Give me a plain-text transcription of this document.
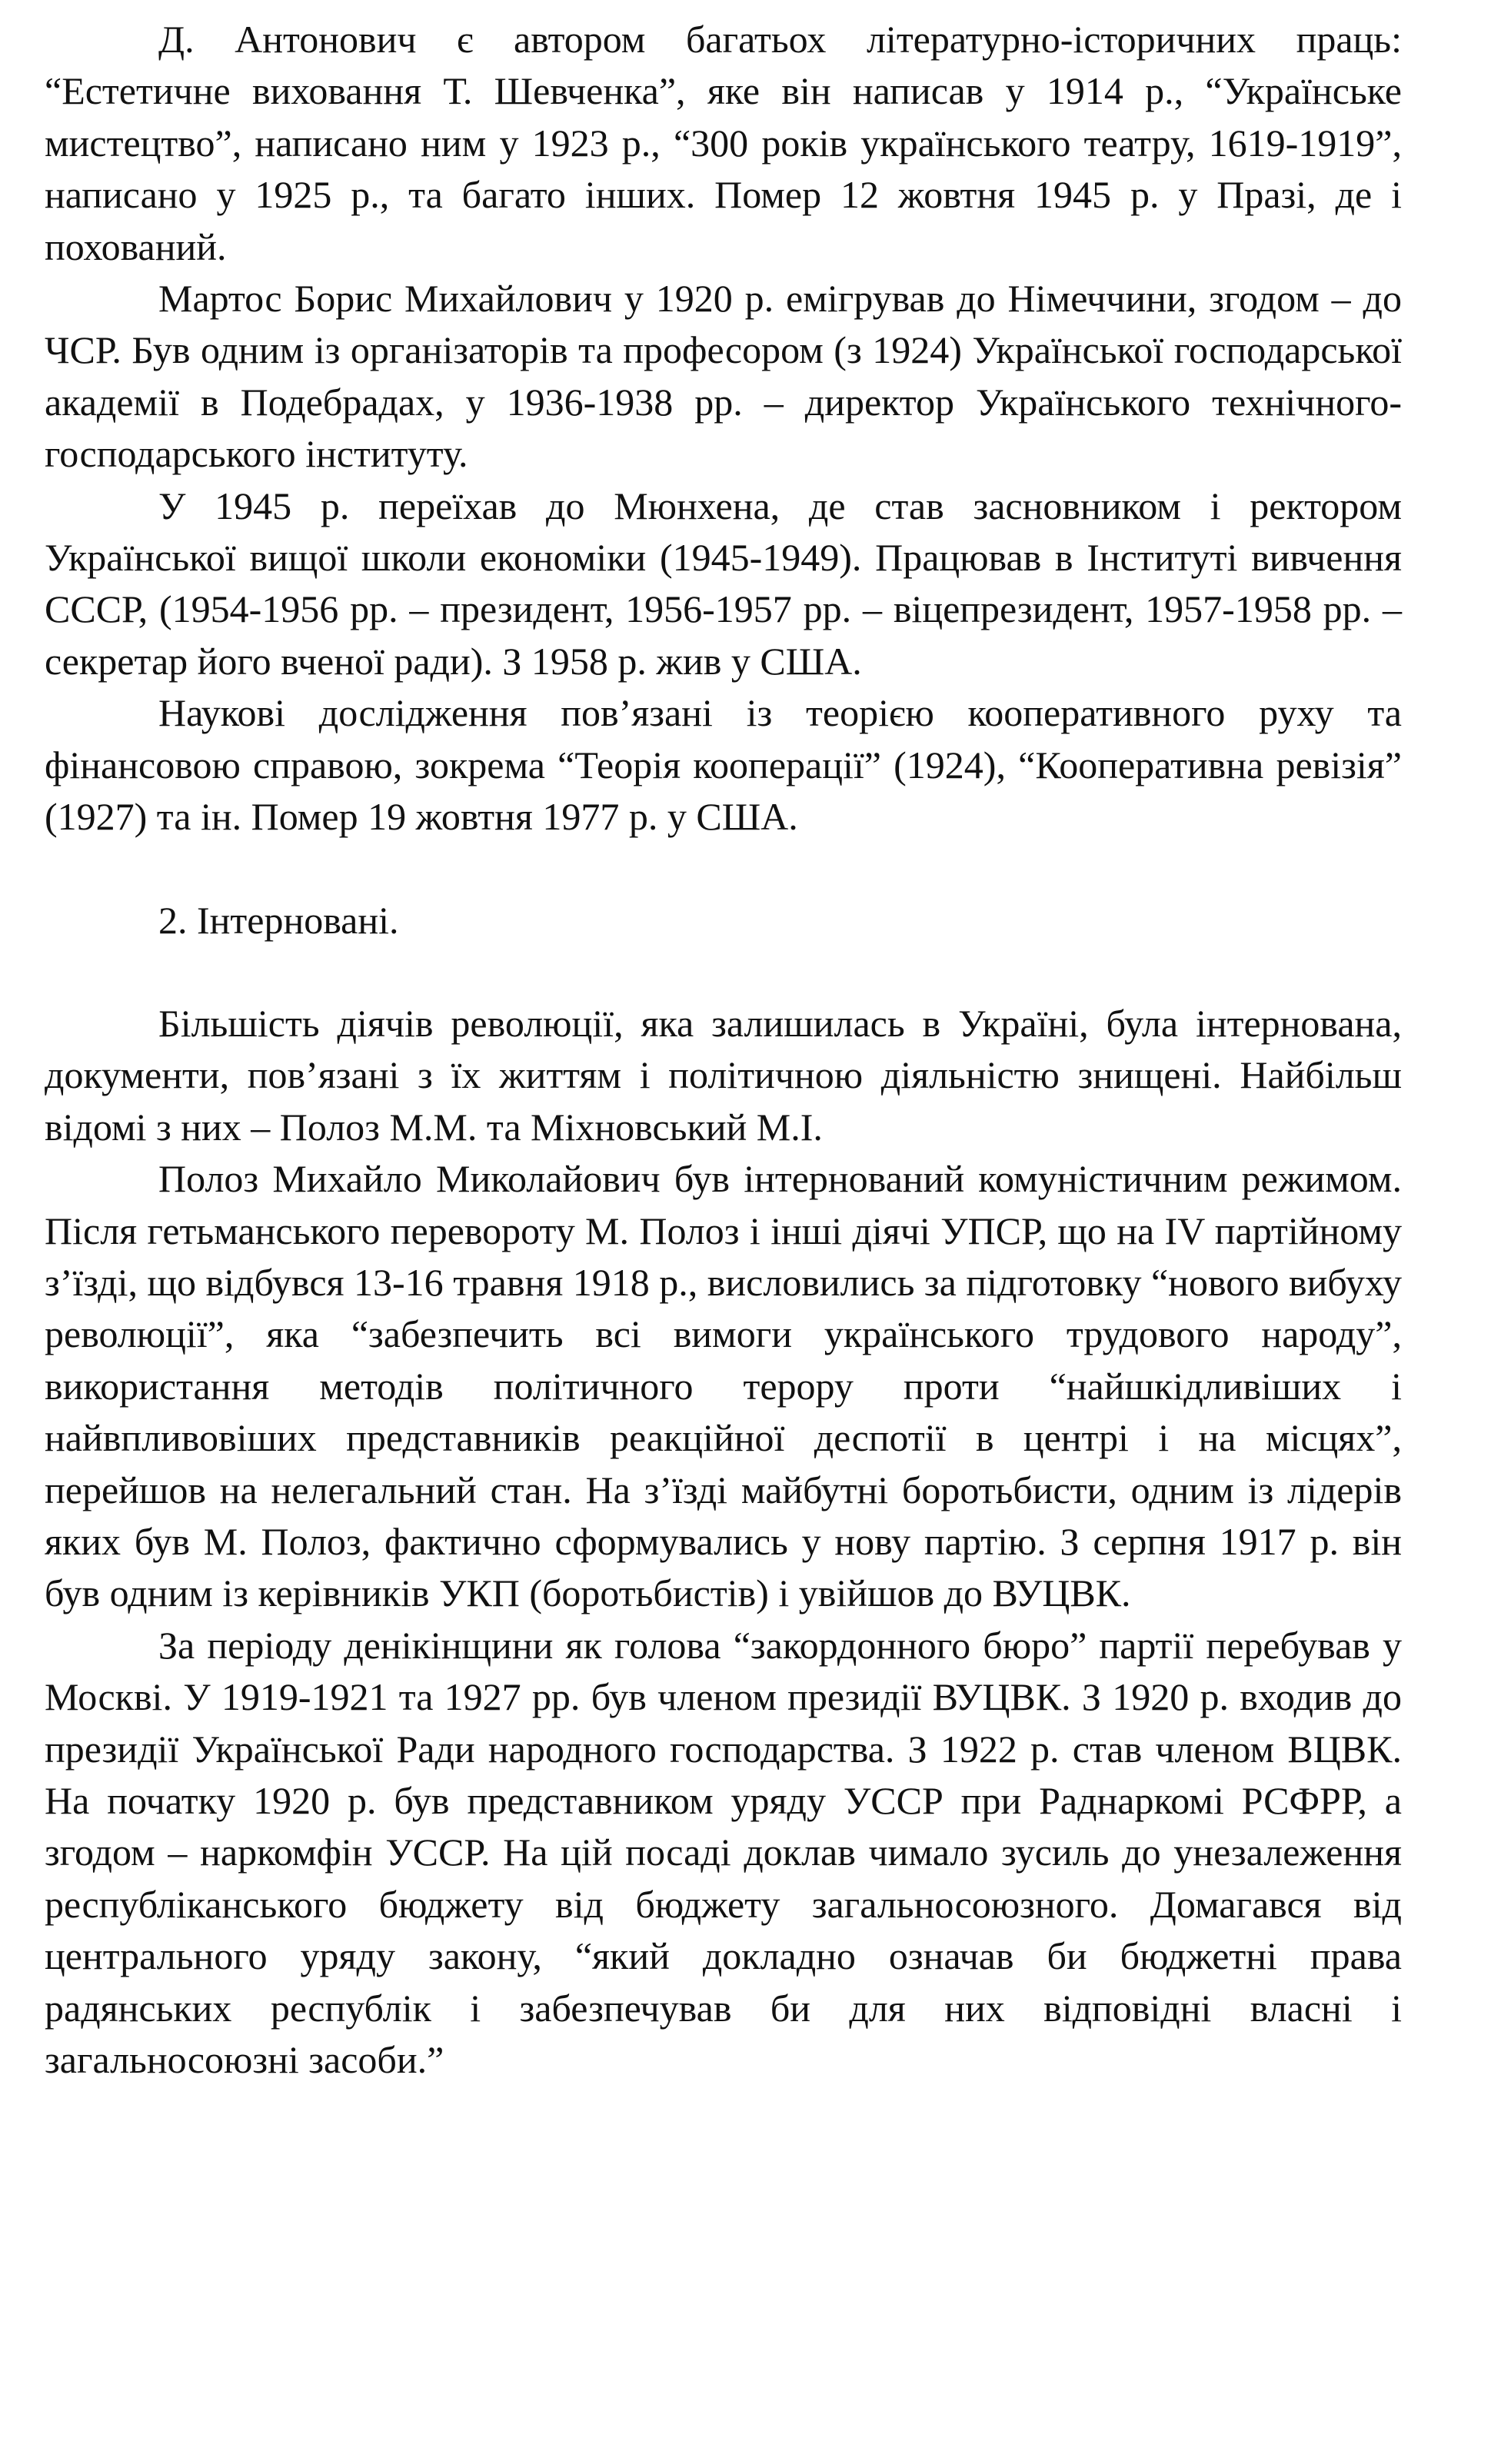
Д. Антонович є автором багатьох літературно-історичних праць: “Естетичне виховання Т. Шевченка”, яке він написав у 1914 р., “Українське мистецтво”, написано ним у 1923 р., “300 років українського театру, 1619-1919”, написано у 1925 р., та багато інших. Помер 12 жовтня 1945 р. у Празі, де і похований.

Мартос Борис Михайлович у 1920 р. емігрував до Німеччини, згодом – до ЧСР. Був одним із організаторів та професором (з 1924) Української господарської академії в Подебрадах, у 1936-1938 рр. – директор Українського технічного-господарського інституту.

У 1945 р. переїхав до Мюнхена, де став засновником і ректором Української вищої школи економіки (1945-1949). Працював в Інституті вивчення СССР, (1954-1956 рр. – президент, 1956-1957 рр. – віцепрезидент, 1957-1958 рр. – секретар його вченої ради). З 1958 р. жив у США.

Наукові дослідження пов’язані із теорією кооперативного руху та фінансовою справою, зокрема “Теорія кооперації” (1924), “Кооперативна ревізія” (1927) та ін. Помер 19 жовтня 1977 р. у США.

2. Інтерновані.

Більшість діячів революції, яка залишилась в Україні, була інтернована, документи, пов’язані з їх життям і політичною діяльністю знищені. Найбільш відомі з них – Полоз М.М. та Міхновський М.І.

Полоз Михайло Миколайович був інтернований комуністичним режимом. Після гетьманського перевороту М. Полоз і інші діячі УПСР, що на IV партійному з’їзді, що відбувся 13-16 травня 1918 р., висловились за підготовку “нового вибуху революції”, яка “забезпечить всі вимоги українського трудового народу”, використання методів політичного терору проти “найшкідливіших і найвпливовіших представників реакційної деспотії в центрі і на місцях”, перейшов на нелегальний стан. На з’їзді майбутні боротьбисти, одним із лідерів яких був М. Полоз, фактично сформувались у нову партію. З серпня 1917 р. він був одним із керівників УКП (боротьбистів) і увійшов до ВУЦВК.

За періоду денікінщини як голова “закордонного бюро” партії перебував у Москві. У 1919-1921 та 1927 рр. був членом президії ВУЦВК. З 1920 р. входив до президії Української Ради народного господарства. З 1922 р. став членом ВЦВК. На початку 1920 р. був представником уряду УССР при Раднаркомі РСФРР, а згодом – наркомфін УССР. На цій посаді доклав чимало зусиль до унезалеження республіканського бюджету від бюджету загальносоюзного. Домагався від центрального уряду закону, “який докладно означав би бюджетні права радянських республік і забезпечував би для них відповідні власні і загальносоюзні засоби.”
